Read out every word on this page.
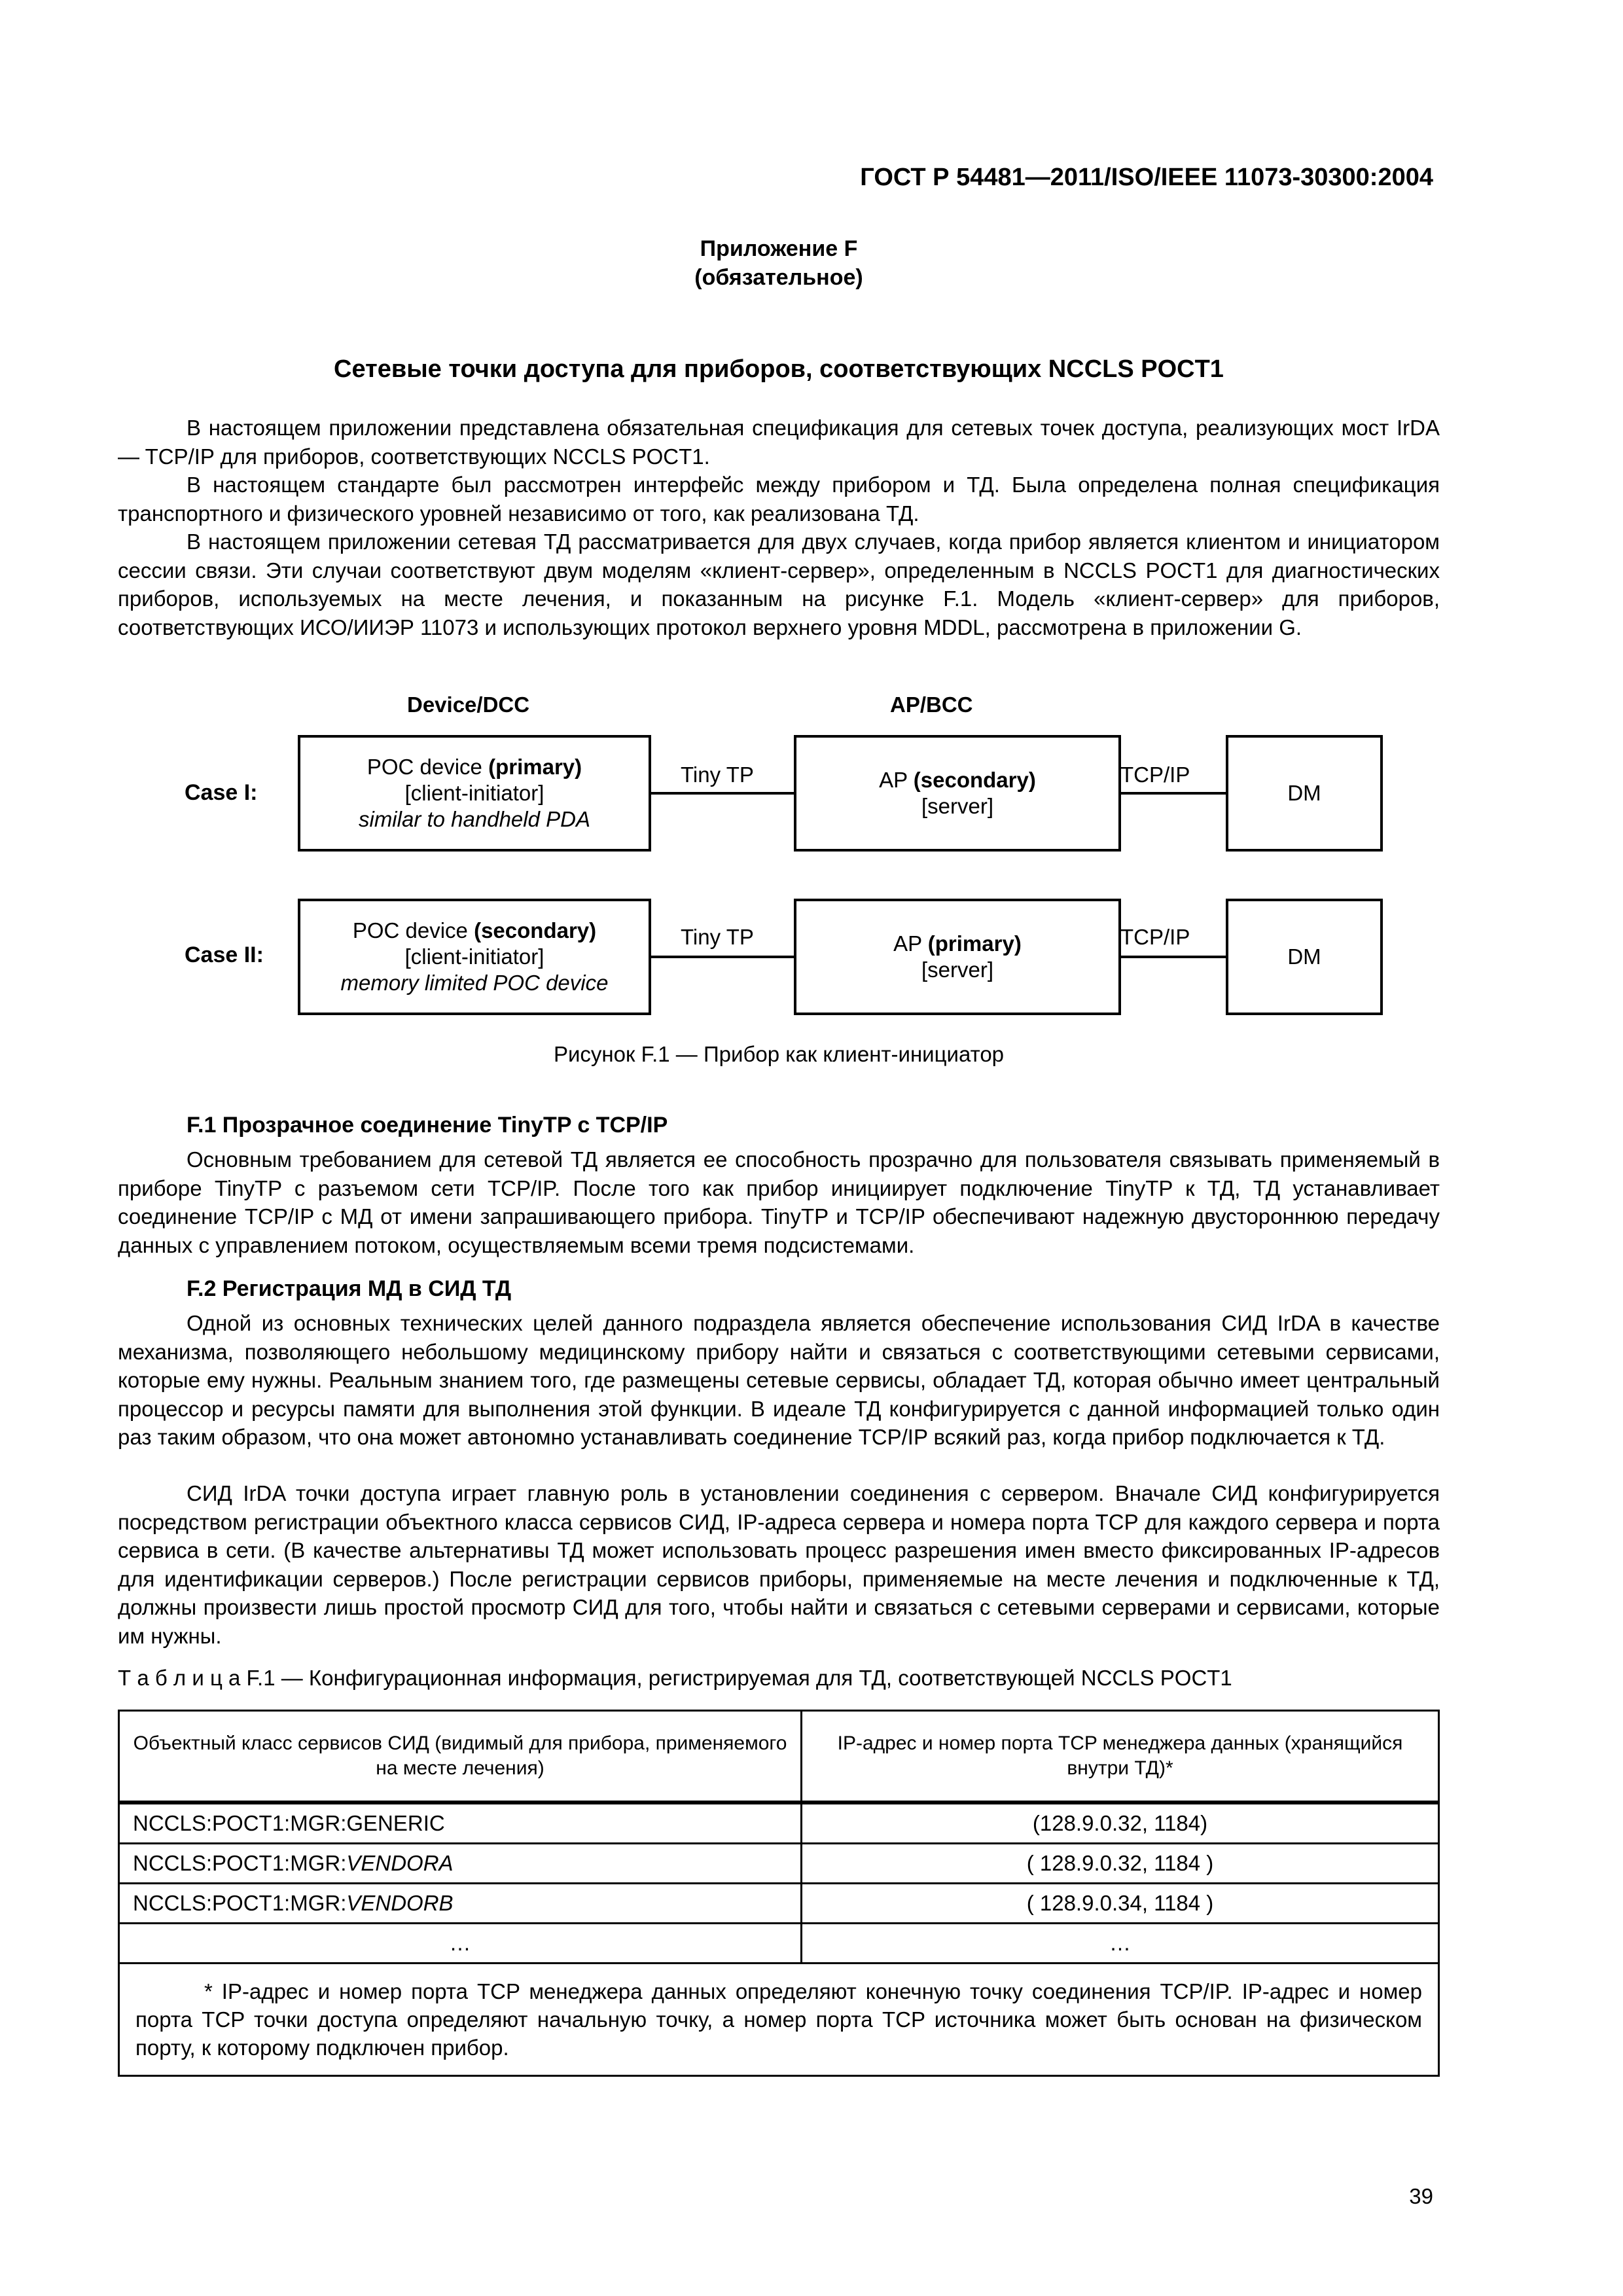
ГОСТ Р 54481—2011/ISO/IEEE 11073-30300:2004
Приложение F
(обязательное)
Сетевые точки доступа для приборов, соответствующих NCCLS POCT1

В настоящем приложении представлена обязательная спецификация для сетевых точек доступа, реализующих мост IrDA — TCP/IP для приборов, соответствующих NCCLS POCT1.

В настоящем стандарте был рассмотрен интерфейс между прибором и ТД. Была определена полная спецификация транспортного и физического уровней независимо от того, как реализована ТД.

В настоящем приложении сетевая ТД рассматривается для двух случаев, когда прибор является клиентом и инициатором сессии связи. Эти случаи соответствуют двум моделям «клиент-сервер», определенным в NCCLS POCT1 для диагностических приборов, используемых на месте лечения, и показанным на рисунке F.1. Модель «клиент-сервер» для приборов, соответствующих ИСО/ИИЭР 11073 и использующих протокол верхнего уровня MDDL, рассмотрена в приложении G.

Device/DCC	AP/BCC
Case I:
POC device (primary)
[client-initiator]
similar to handheld PDA
Tiny TP	AP (secondary)
[server]
TCP/IP
DM
Case II:
POC device (secondary)
[client-initiator]
memory limited POC device
Tiny TP	AP (primary)
[server]
TCP/IP
DM
Рисунок F.1 — Прибор как клиент-инициатор
F.1 Прозрачное соединение TinyTP с TCP/IP

Основным требованием для сетевой ТД является ее способность прозрачно для пользователя связывать применяемый в приборе TinyTP с разъемом сети TCP/IP. После того как прибор инициирует подключение TinyTP к ТД, ТД устанавливает соединение TCP/IP с МД от имени запрашивающего прибора. TinyTP и TCP/IP обеспечивают надежную двустороннюю передачу данных с управлением потоком, осуществляемым всеми тремя подсистемами.

F.2 Регистрация МД в СИД ТД

Одной из основных технических целей данного подраздела является обеспечение использования СИД IrDA в качестве механизма, позволяющего небольшому медицинскому прибору найти и связаться с соответствующими сетевыми сервисами, которые ему нужны. Реальным знанием того, где размещены сетевые сервисы, обладает ТД, которая обычно имеет центральный процессор и ресурсы памяти для выполнения этой функции. В идеале ТД конфигурируется с данной информацией только один раз таким образом, что она может автономно устанавливать соединение TCP/IP всякий раз, когда прибор подключается к ТД.

СИД IrDA точки доступа играет главную роль в установлении соединения с сервером. Вначале СИД конфигурируется посредством регистрации объектного класса сервисов СИД, IP-адреса сервера и номера порта TCP для каждого сервера и порта сервиса в сети. (В качестве альтернативы ТД может использовать процесс разрешения имен вместо фиксированных IP-адресов для идентификации серверов.) После регистрации сервисов приборы, применяемые на месте лечения и подключенные к ТД, должны произвести лишь простой просмотр СИД для того, чтобы найти и связаться с сетевыми серверами и сервисами, которые им нужны.

Т а б л и ц а F.1 — Конфигурационная информация, регистрируемая для ТД, соответствующей NCCLS POCT1
Объектный класс сервисов СИД (видимый для прибора, применяемого на месте лечения)	IP-адрес и номер порта TCP менеджера данных (хранящийся внутри ТД)*
NCCLS:POCT1:MGR:GENERIC	(128.9.0.32, 1184)
NCCLS:POCT1:MGR:VENDORA	( 128.9.0.32, 1184 )
NCCLS:POCT1:MGR:VENDORB	( 128.9.0.34, 1184 )
…	…
* IP-адрес и номер порта TCP менеджера данных определяют конечную точку соединения TCP/IP. IP-адрес и номер порта TCP точки доступа определяют начальную точку, а номер порта TCP источника может быть основан на физическом порту, к которому подключен прибор.	
39
